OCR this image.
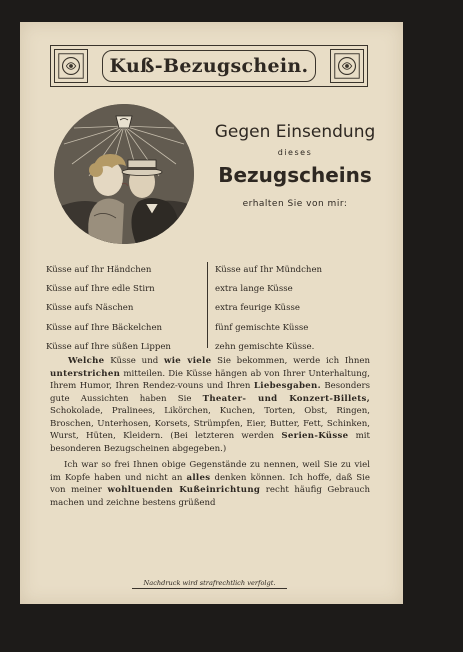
Kuß-Bezugschein.
Gegen Einsendung
dieses
Bezugscheins
erhalten Sie von mir:
Küsse auf Ihr Händchen
Küsse auf Ihre edle Stirn
Küsse aufs Näschen
Küsse auf Ihre Bäckelchen
Küsse auf Ihre süßen Lippen
Küsse auf Ihr Mündchen
extra lange Küsse
extra feurige Küsse
fünf gemischte Küsse
zehn gemischte Küsse.

Welche Küsse und wie viele Sie bekommen, werde ich Ihnen unterstrichen mitteilen. Die Küsse hängen ab von Ihrer Unterhaltung, Ihrem Humor, Ihren Rendez-vouns und Ihren Liebesgaben. Besonders gute Aussichten haben Sie Theater- und Konzert-Billets, Schokolade, Pralinees, Likörchen, Kuchen, Torten, Obst, Ringen, Broschen, Unterhosen, Korsets, Strümpfen, Eier, Butter, Fett, Schinken, Wurst, Hüten, Kleidern. (Bei letzteren werden Serien-Küsse mit besonderen Bezugscheinen abgegeben.)

Ich war so frei Ihnen obige Gegenstände zu nennen, weil Sie zu viel im Kopfe haben und nicht an alles denken können. Ich hoffe, daß Sie von meiner wohltuenden Kußeinrichtung recht häufig Gebrauch machen und zeichne bestens grüßend

Nachdruck wird strafrechtlich verfolgt.
